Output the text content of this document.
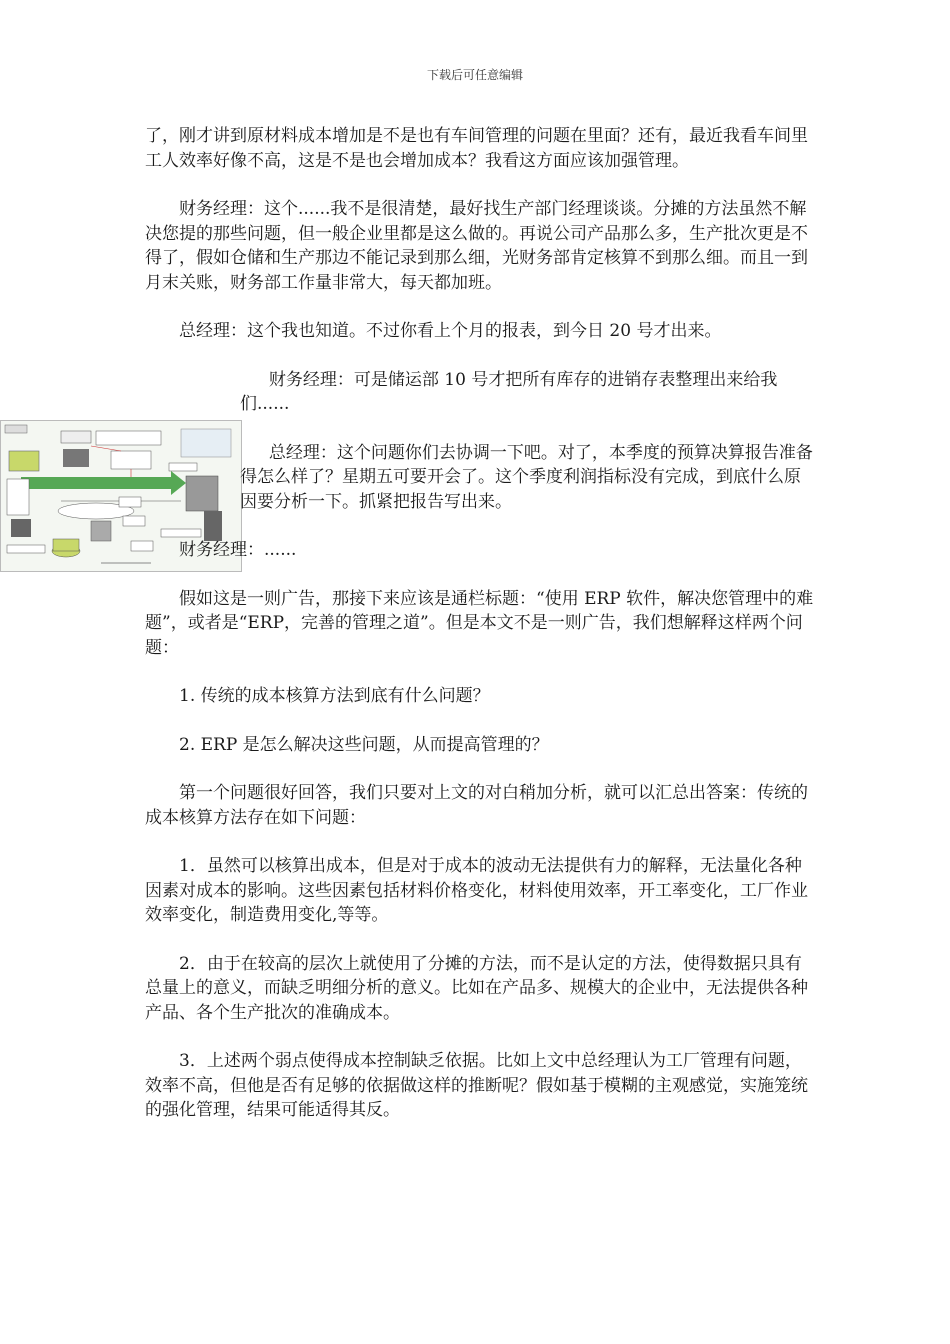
下载后可任意编辑

了，刚才讲到原材料成本增加是不是也有车间管理的问题在里面？还有，最近我看车间里工人效率好像不高，这是不是也会增加成本？我看这方面应该加强管理。

财务经理：这个......我不是很清楚，最好找生产部门经理谈谈。分摊的方法虽然不解决您提的那些问题，但一般企业里都是这么做的。再说公司产品那么多，生产批次更是不得了，假如仓储和生产那边不能记录到那么细，光财务部肯定核算不到那么细。而且一到月末关账，财务部工作量非常大，每天都加班。

总经理：这个我也知道。不过你看上个月的报表，到今日 20 号才出来。

财务经理：可是储运部 10 号才把所有库存的进销存表整理出来给我们......

总经理：这个问题你们去协调一下吧。对了，本季度的预算决算报告准备得怎么样了？星期五可要开会了。这个季度利润指标没有完成，到底什么原因要分析一下。抓紧把报告写出来。

财务经理：......

假如这是一则广告，那接下来应该是通栏标题：“使用 ERP 软件，解决您管理中的难题”，或者是“ERP，完善的管理之道”。但是本文不是一则广告，我们想解释这样两个问题：

1. 传统的成本核算方法到底有什么问题？

2. ERP 是怎么解决这些问题，从而提高管理的？

第一个问题很好回答，我们只要对上文的对白稍加分析，就可以汇总出答案：传统的成本核算方法存在如下问题：

1．虽然可以核算出成本，但是对于成本的波动无法提供有力的解释，无法量化各种因素对成本的影响。这些因素包括材料价格变化，材料使用效率，开工率变化，工厂作业效率变化，制造费用变化,等等。

2．由于在较高的层次上就使用了分摊的方法，而不是认定的方法，使得数据只具有总量上的意义，而缺乏明细分析的意义。比如在产品多、规模大的企业中，无法提供各种产品、各个生产批次的准确成本。

3．上述两个弱点使得成本控制缺乏依据。比如上文中总经理认为工厂管理有问题，效率不高，但他是否有足够的依据做这样的推断呢？假如基于模糊的主观感觉，实施笼统的强化管理，结果可能适得其反。
